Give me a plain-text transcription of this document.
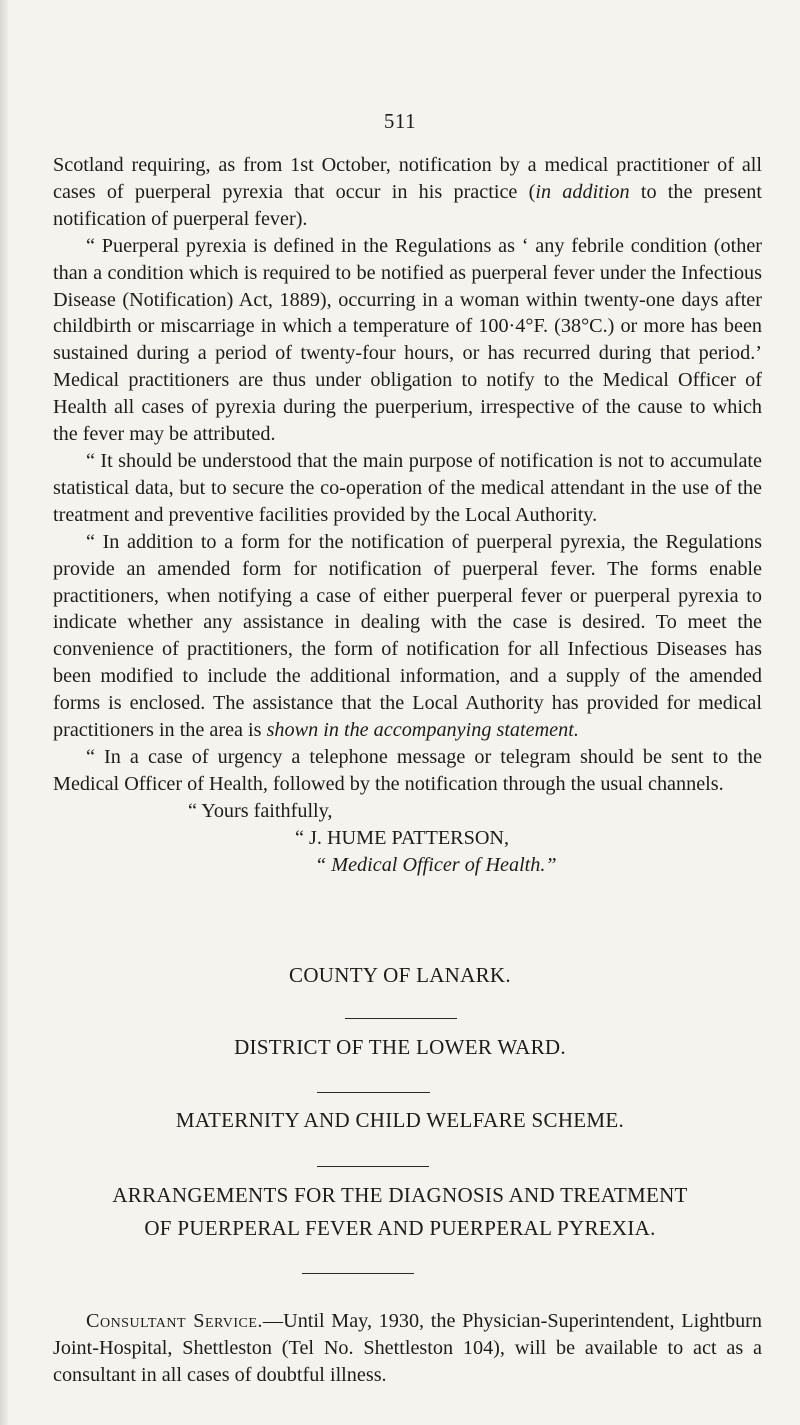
511

Scotland requiring, as from 1st October, notification by a medical practitioner of all cases of puerperal pyrexia that occur in his practice (in addition to the present notification of puerperal fever).

“ Puerperal pyrexia is defined in the Regulations as ‘ any febrile condition (other than a condition which is required to be notified as puerperal fever under the Infectious Disease (Notification) Act, 1889), occurring in a woman within twenty-one days after childbirth or miscarriage in which a temperature of 100·4°F. (38°C.) or more has been sustained during a period of twenty-four hours, or has recurred during that period.’ Medical practitioners are thus under obligation to notify to the Medical Officer of Health all cases of pyrexia during the puerperium, irrespective of the cause to which the fever may be attributed.

“ It should be understood that the main purpose of notification is not to accumulate statistical data, but to secure the co-operation of the medical attendant in the use of the treatment and preventive facilities provided by the Local Authority.

“ In addition to a form for the notification of puerperal pyrexia, the Regulations provide an amended form for notification of puerperal fever. The forms enable practitioners, when notifying a case of either puerperal fever or puerperal pyrexia to indicate whether any assistance in dealing with the case is desired. To meet the convenience of practitioners, the form of notification for all Infectious Diseases has been modified to include the additional information, and a supply of the amended forms is enclosed. The assistance that the Local Authority has provided for medical practitioners in the area is shown in the accompanying statement.

“ In a case of urgency a telephone message or telegram should be sent to the Medical Officer of Health, followed by the notification through the usual channels.

“ Yours faithfully,

“ J. HUME PATTERSON,

“ Medical Officer of Health.”

COUNTY OF LANARK.
DISTRICT OF THE LOWER WARD.
MATERNITY AND CHILD WELFARE SCHEME.
ARRANGEMENTS FOR THE DIAGNOSIS AND TREATMENT
OF PUERPERAL FEVER AND PUERPERAL PYREXIA.

Consultant Service.—Until May, 1930, the Physician-Superintendent, Lightburn Joint-Hospital, Shettleston (Tel No. Shettleston 104), will be available to act as a consultant in all cases of doubtful illness.
